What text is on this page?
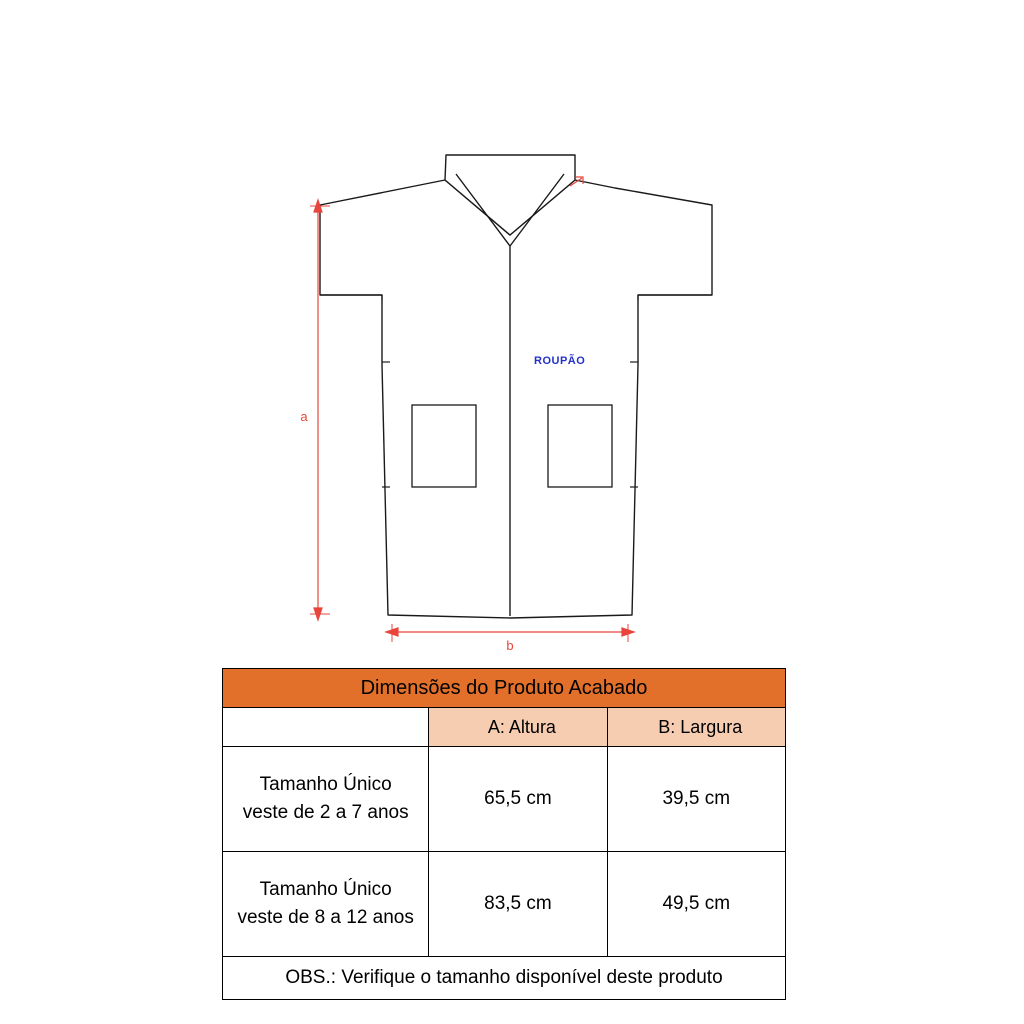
a
b
ROUPÃO
Dimensões do Produto Acabado		
	A: Altura	B: Largura
Tamanho Único
veste de 2 a 7 anos	65,5 cm	39,5 cm
Tamanho Único
veste de 8 a 12 anos	83,5 cm	49,5 cm
OBS.: Verifique o tamanho disponível deste produto		
